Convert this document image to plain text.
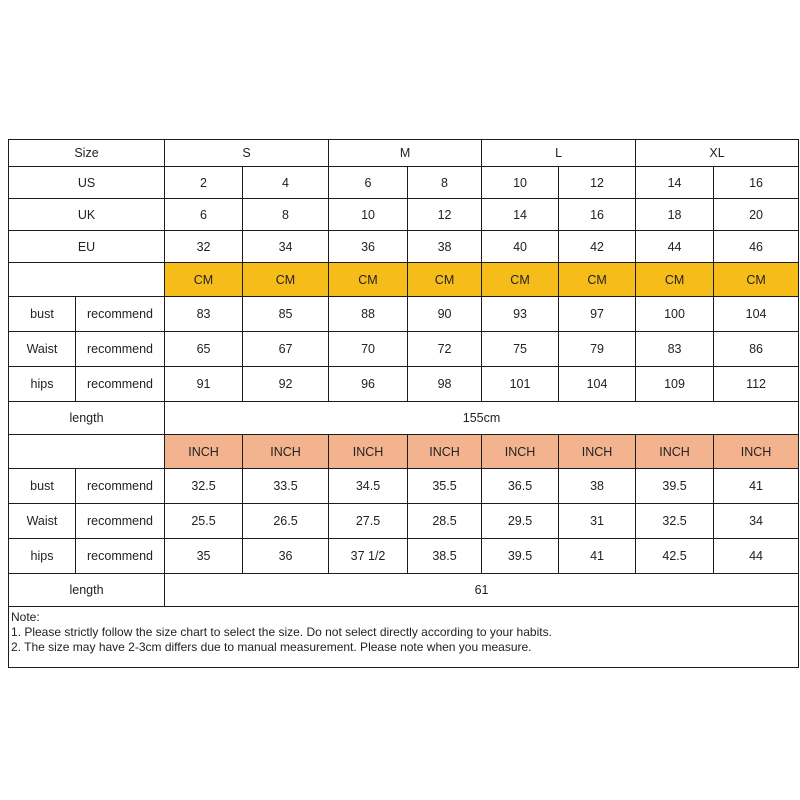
Size		S		M		L		XL	
US		2	4	6	8	10	12	14	16
UK		6	8	10	12	14	16	18	20
EU		32	34	36	38	40	42	44	46
		CM	CM	CM	CM	CM	CM	CM	CM
bust	recommend	83	85	88	90	93	97	100	104
Waist	recommend	65	67	70	72	75	79	83	86
hips	recommend	91	92	96	98	101	104	109	112
length		155cm							
		INCH	INCH	INCH	INCH	INCH	INCH	INCH	INCH
bust	recommend	32.5	33.5	34.5	35.5	36.5	38	39.5	41
Waist	recommend	25.5	26.5	27.5	28.5	29.5	31	32.5	34
hips	recommend	35	36	37 1/2	38.5	39.5	41	42.5	44
length		61							

Note:
1. Please strictly follow the size chart to select the size. Do not select directly according to your habits.
2. The size may have 2-3cm differs due to manual measurement. Please note when you measure.									
